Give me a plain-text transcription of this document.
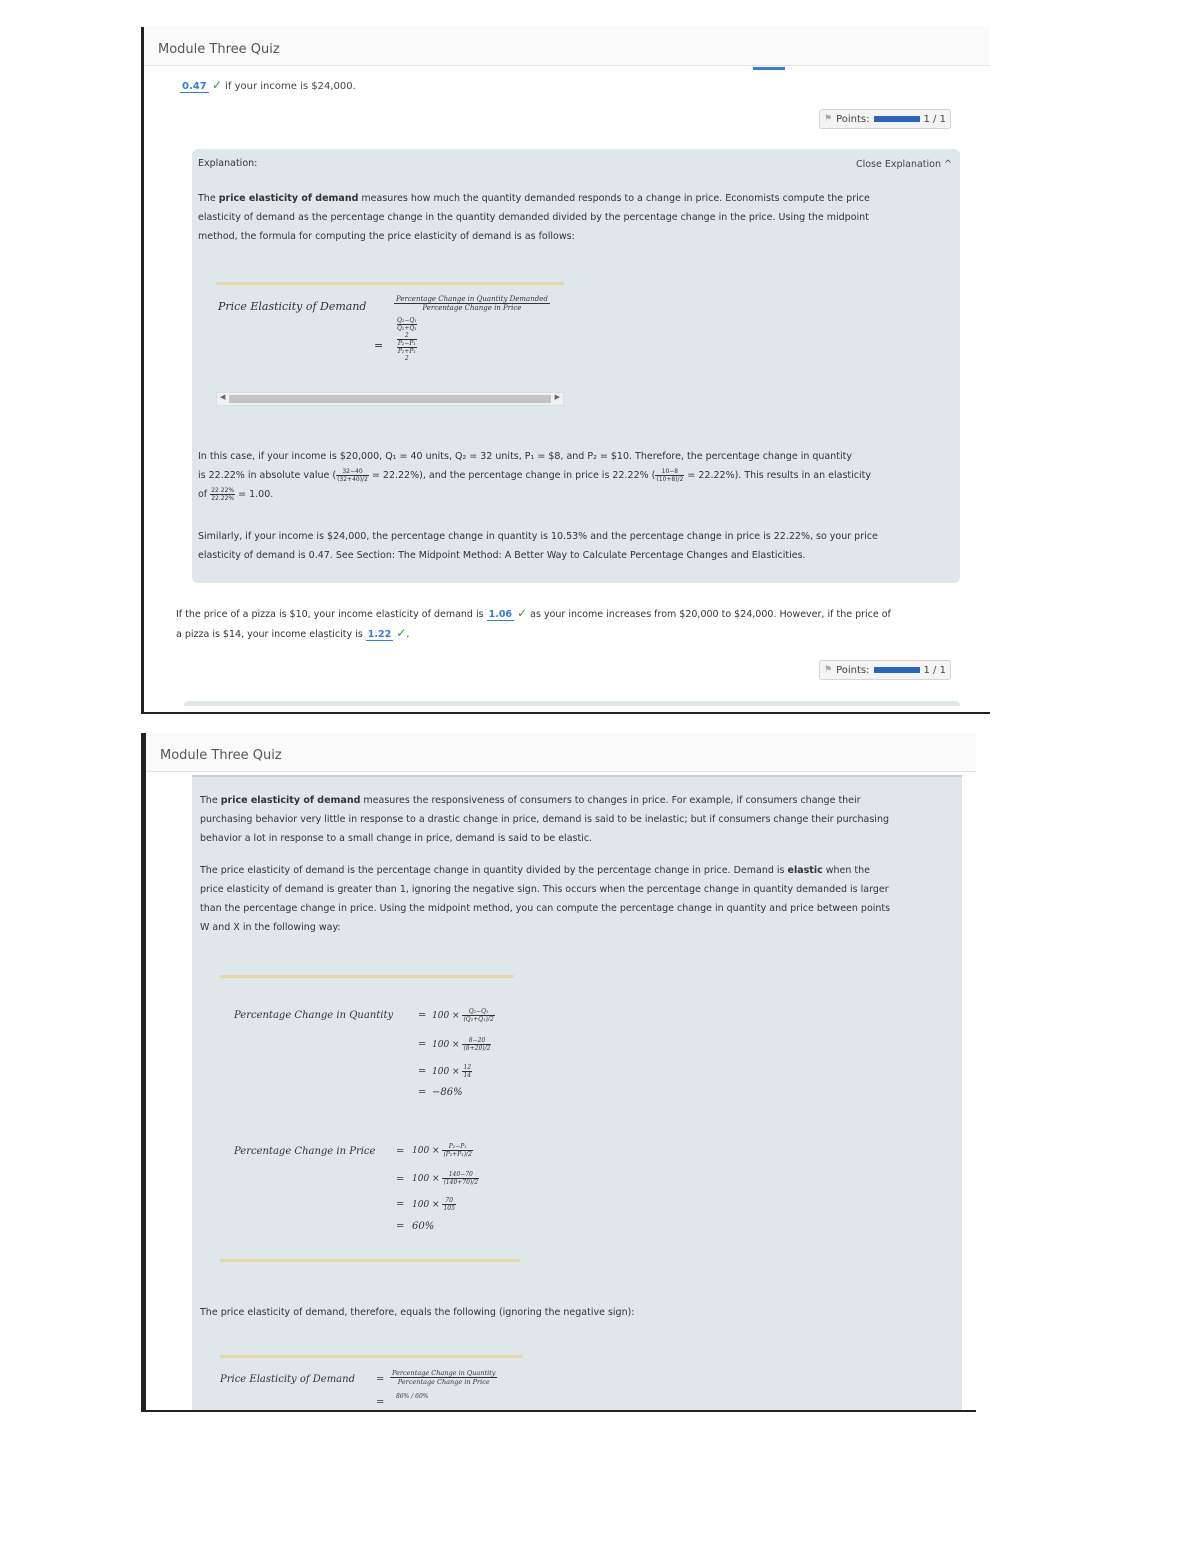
Module Three Quiz
0.47 ✓ if your income is $24,000.
⚑ Points:	1 / 1
Explanation:	Close Explanation ^
The price elasticity of demand measures how much the quantity demanded responds to a change in price. Economists compute the price
elasticity of demand as the percentage change in the quantity demanded divided by the percentage change in the price. Using the midpoint
method, the formula for computing the price elasticity of demand is as follows:
Price Elasticity of Demand
Percentage Change in Quantity Demanded
Percentage Change in Price
Q₂−Q₁
Q₂+Q₁
2
P₂−P₁
P₂+P₁
2
=
◀	▶
In this case, if your income is $20,000, Q₁ = 40 units, Q₂ = 32 units, P₁ = $8, and P₂ = $10. Therefore, the percentage change in quantity
is 22.22% in absolute value ( $\frac{32-40}{(32+40)/2} = 22.22\%$), and the percentage change in price is 22.22% ( $\frac{10-8}{(10+8)/2} = 22.22\%$). This results in an elasticity
of $\frac{22.22\%}{22.22\%} = 1.00$.
Similarly, if your income is $24,000, the percentage change in quantity is 10.53% and the percentage change in price is 22.22%, so your price
elasticity of demand is 0.47. See Section: The Midpoint Method: A Better Way to Calculate Percentage Changes and Elasticities.
If the price of a pizza is $10, your income elasticity of demand is 1.06 ✓ as your income increases from $20,000 to $24,000. However, if the price of
a pizza is $14, your income elasticity is 1.22 ✓.
⚑ Points:	1 / 1
Module Three Quiz
The price elasticity of demand measures the responsiveness of consumers to changes in price. For example, if consumers change their
purchasing behavior very little in response to a drastic change in price, demand is said to be inelastic; but if consumers change their purchasing
behavior a lot in response to a small change in price, demand is said to be elastic.
The price elasticity of demand is the percentage change in quantity divided by the percentage change in price. Demand is elastic when the
price elasticity of demand is greater than 1, ignoring the negative sign. This occurs when the percentage change in quantity demanded is larger
than the percentage change in price. Using the midpoint method, you can compute the percentage change in quantity and price between points
W and X in the following way:
Percentage Change in Quantity = $100 \times \frac{\text{Q₂−Q₁}}{\text{(Q₂+Q₁)/2}}$
= $100 \times \frac{8-20}{(8+20)/2}$
= $100 \times \frac{12}{14}$
= −86%
Percentage Change in Price = $100 \times \frac{\text{P₂−P₁}}{\text{(P₂+P₁)/2}}$
= $100 \times \frac{140-70}{(140+70)/2}$
= $100 \times \frac{70}{105}$
= 60%
The price elasticity of demand, therefore, equals the following (ignoring the negative sign):
Price Elasticity of Demand =
Percentage Change in Quantity
Percentage Change in Price
=
86% / 60%
